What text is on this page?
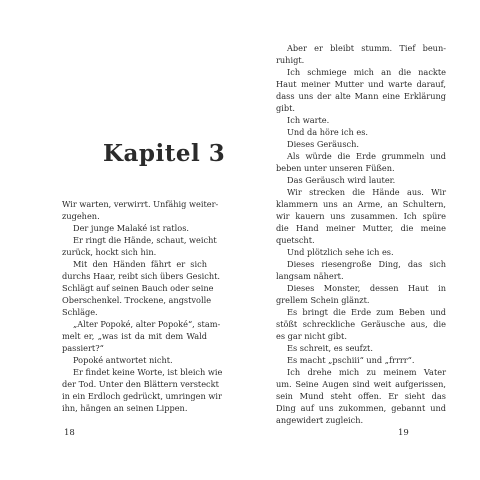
Kapitel 3
Wir warten, verwirrt. Unfähig weiter-
zugehen.
Der junge Malaké ist ratlos.
Er ringt die Hände, schaut, weicht
zurück, hockt sich hin.
Mit den Händen fährt er sich
durchs Haar, reibt sich übers Gesicht.
Schlägt auf seinen Bauch oder seine
Oberschenkel. Trockene, angstvolle
Schläge.
„Alter Popoké, alter Popoké“, stam-
melt er, „was ist da mit dem Wald
passiert?“
Popoké antwortet nicht.
Er findet keine Worte, ist bleich wie
der Tod. Unter den Blättern versteckt
in ein Erdloch gedrückt, umringen wir
ihn, hängen an seinen Lippen.
18
Aber er bleibt stumm. Tief beun-
ruhigt.
Ich schmiege mich an die nackte
Haut meiner Mutter und warte darauf,
dass uns der alte Mann eine Erklärung
gibt.
Ich warte.
Und da höre ich es.
Dieses Geräusch.
Als würde die Erde grummeln und
beben unter unseren Füßen.
Das Geräusch wird lauter.
Wir strecken die Hände aus. Wir
klammern uns an Arme, an Schultern,
wir kauern uns zusammen. Ich spüre
die Hand meiner Mutter, die meine
quetscht.
Und plötzlich sehe ich es.
Dieses riesengroße Ding, das sich
langsam nähert.
Dieses Monster, dessen Haut in
grellem Schein glänzt.
Es bringt die Erde zum Beben und
stößt schreckliche Geräusche aus, die
es gar nicht gibt.
Es schreit, es seufzt.
Es macht „pschiii“ und „frrrr“.
Ich drehe mich zu meinem Vater
um. Seine Augen sind weit aufgerissen,
sein Mund steht offen. Er sieht das
Ding auf uns zukommen, gebannt und
angewidert zugleich.
19
